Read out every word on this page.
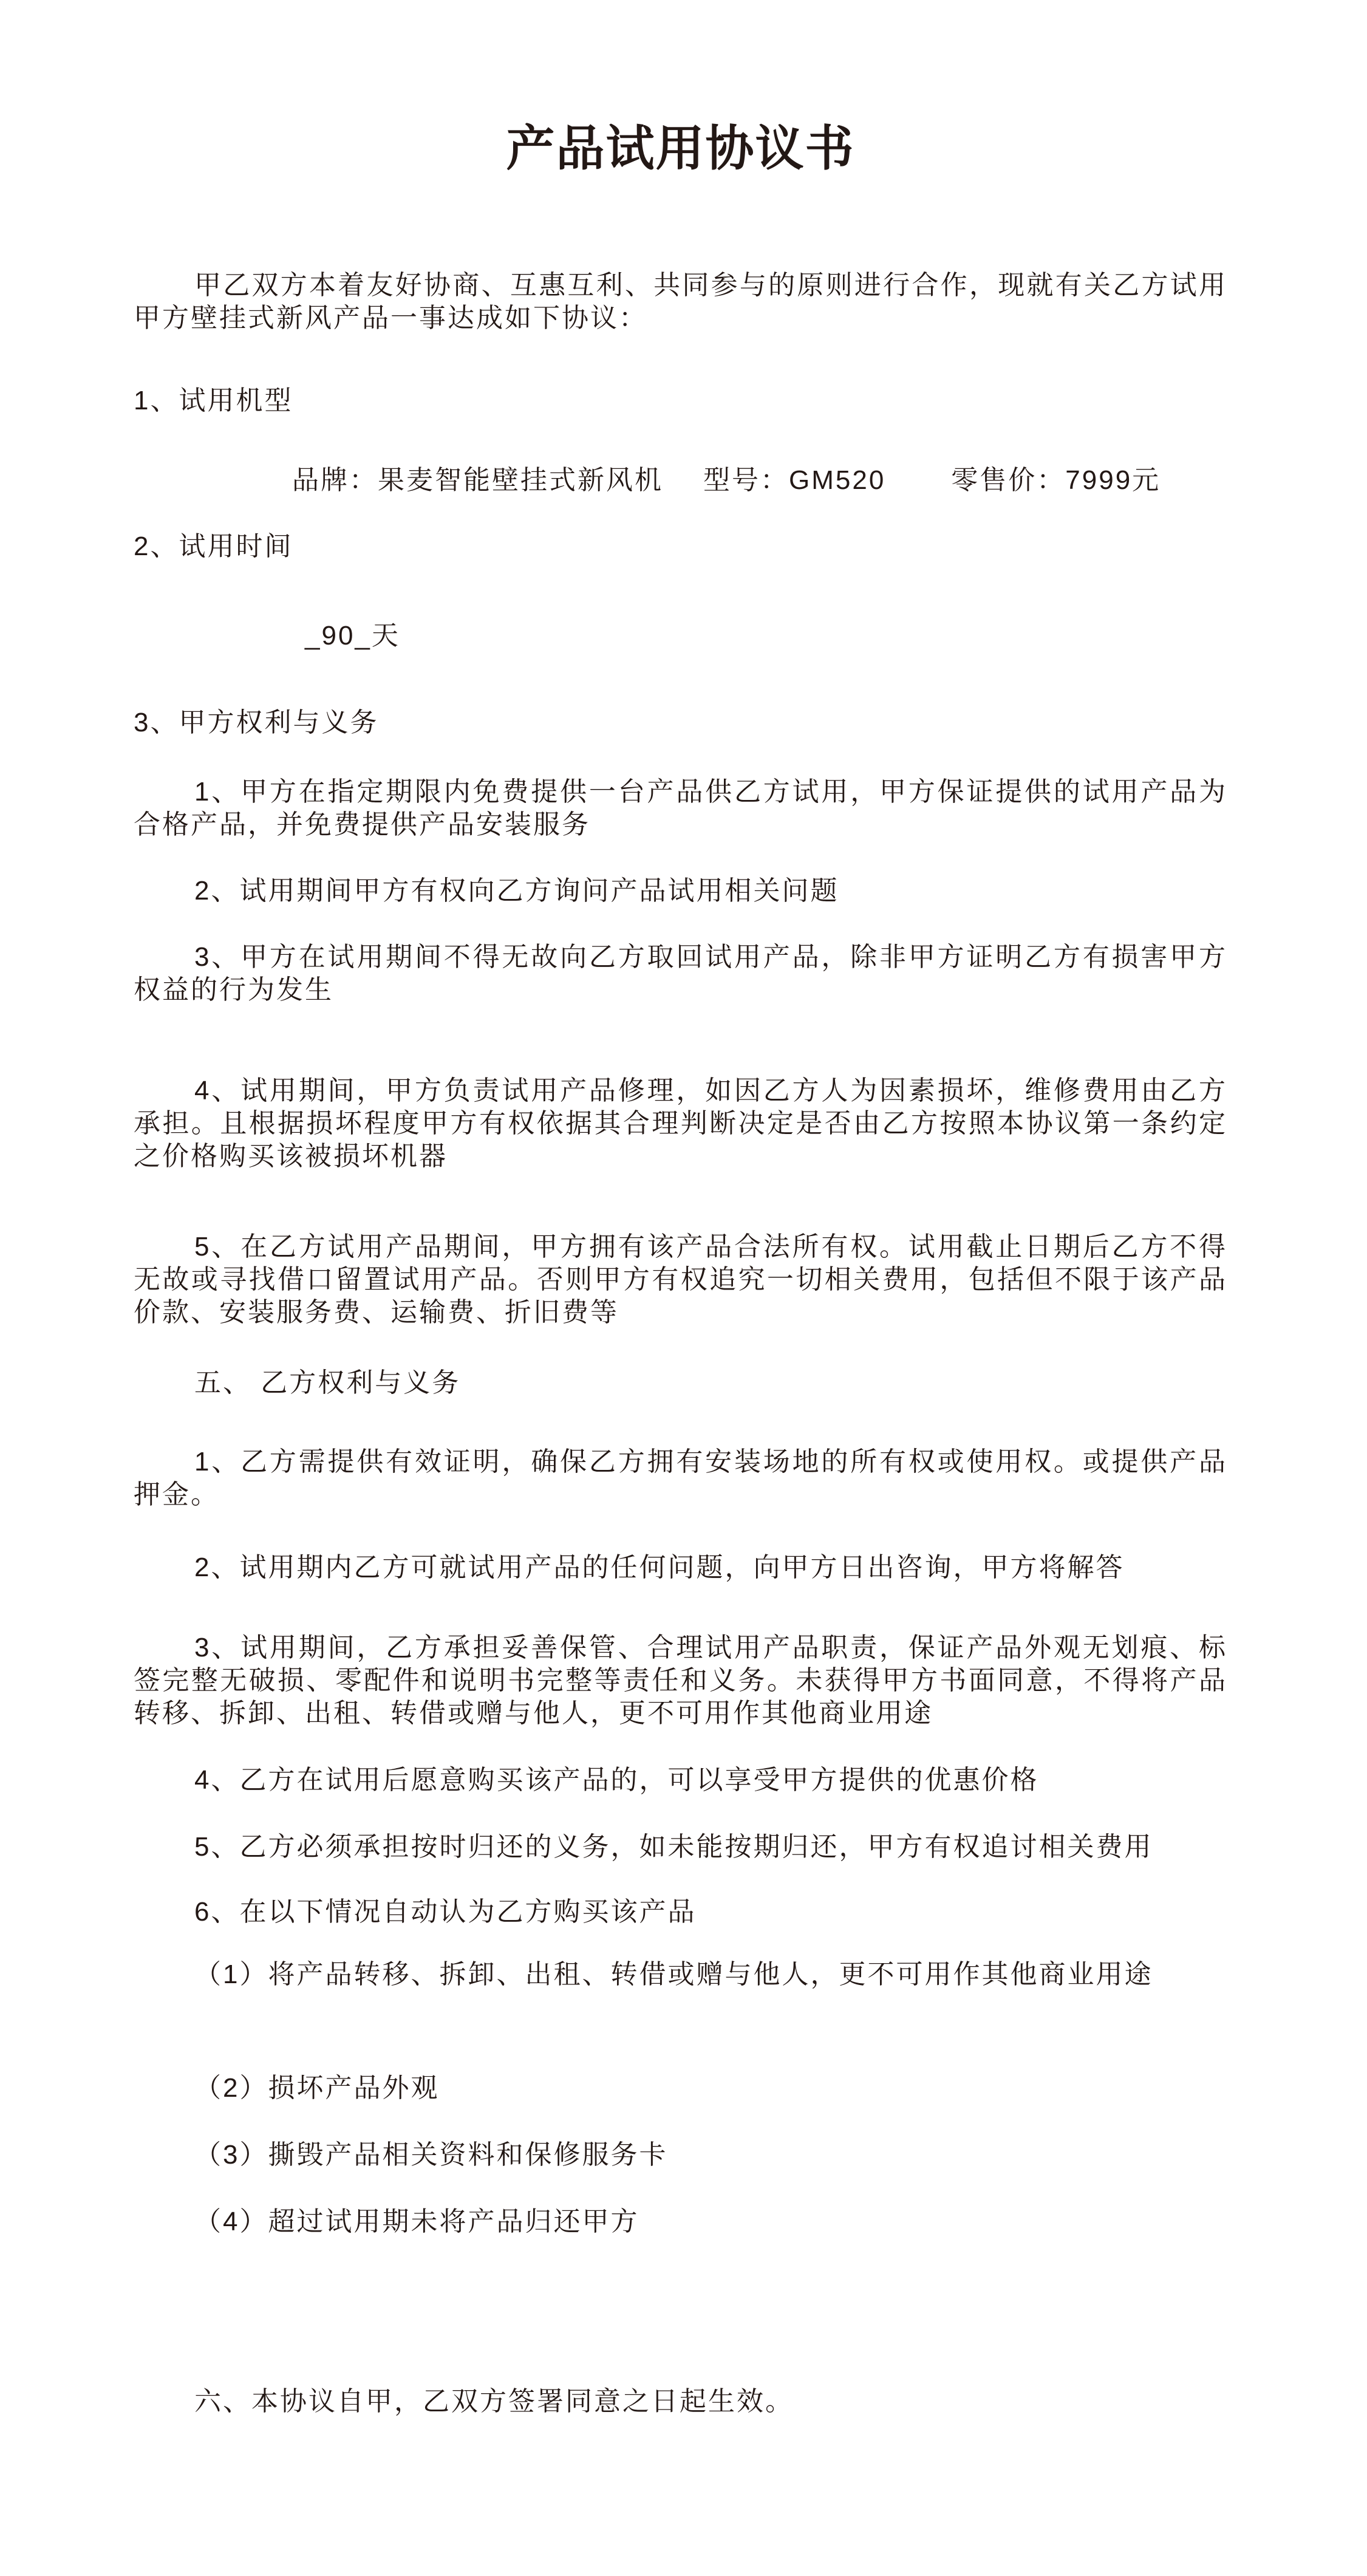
产品试用协议书

甲乙双方本着友好协商、互惠互利、共同参与的原则进行合作，现就有关乙方试用甲方壁挂式新风产品一事达成如下协议：

1、试用机型

品牌：果麦智能壁挂式新风机 型号：GM520 零售价：7999元

2、试用时间

_90_天

3、甲方权利与义务

1、甲方在指定期限内免费提供一台产品供乙方试用，甲方保证提供的试用产品为合格产品，并免费提供产品安装服务

2、试用期间甲方有权向乙方询问产品试用相关问题

3、甲方在试用期间不得无故向乙方取回试用产品，除非甲方证明乙方有损害甲方权益的行为发生

4、试用期间，甲方负责试用产品修理，如因乙方人为因素损坏，维修费用由乙方承担。且根据损坏程度甲方有权依据其合理判断决定是否由乙方按照本协议第一条约定之价格购买该被损坏机器

5、在乙方试用产品期间，甲方拥有该产品合法所有权。试用截止日期后乙方不得无故或寻找借口留置试用产品。否则甲方有权追究一切相关费用，包括但不限于该产品价款、安装服务费、运输费、折旧费等

五、 乙方权利与义务

1、乙方需提供有效证明，确保乙方拥有安装场地的所有权或使用权。或提供产品押金。

2、试用期内乙方可就试用产品的任何问题，向甲方日出咨询，甲方将解答

3、试用期间，乙方承担妥善保管、合理试用产品职责，保证产品外观无划痕、标签完整无破损、零配件和说明书完整等责任和义务。未获得甲方书面同意，不得将产品转移、拆卸、出租、转借或赠与他人，更不可用作其他商业用途

4、乙方在试用后愿意购买该产品的，可以享受甲方提供的优惠价格

5、乙方必须承担按时归还的义务，如未能按期归还，甲方有权追讨相关费用

6、在以下情况自动认为乙方购买该产品

（1）将产品转移、拆卸、出租、转借或赠与他人，更不可用作其他商业用途

（2）损坏产品外观

（3）撕毁产品相关资料和保修服务卡

（4）超过试用期未将产品归还甲方

六、本协议自甲，乙双方签署同意之日起生效。
